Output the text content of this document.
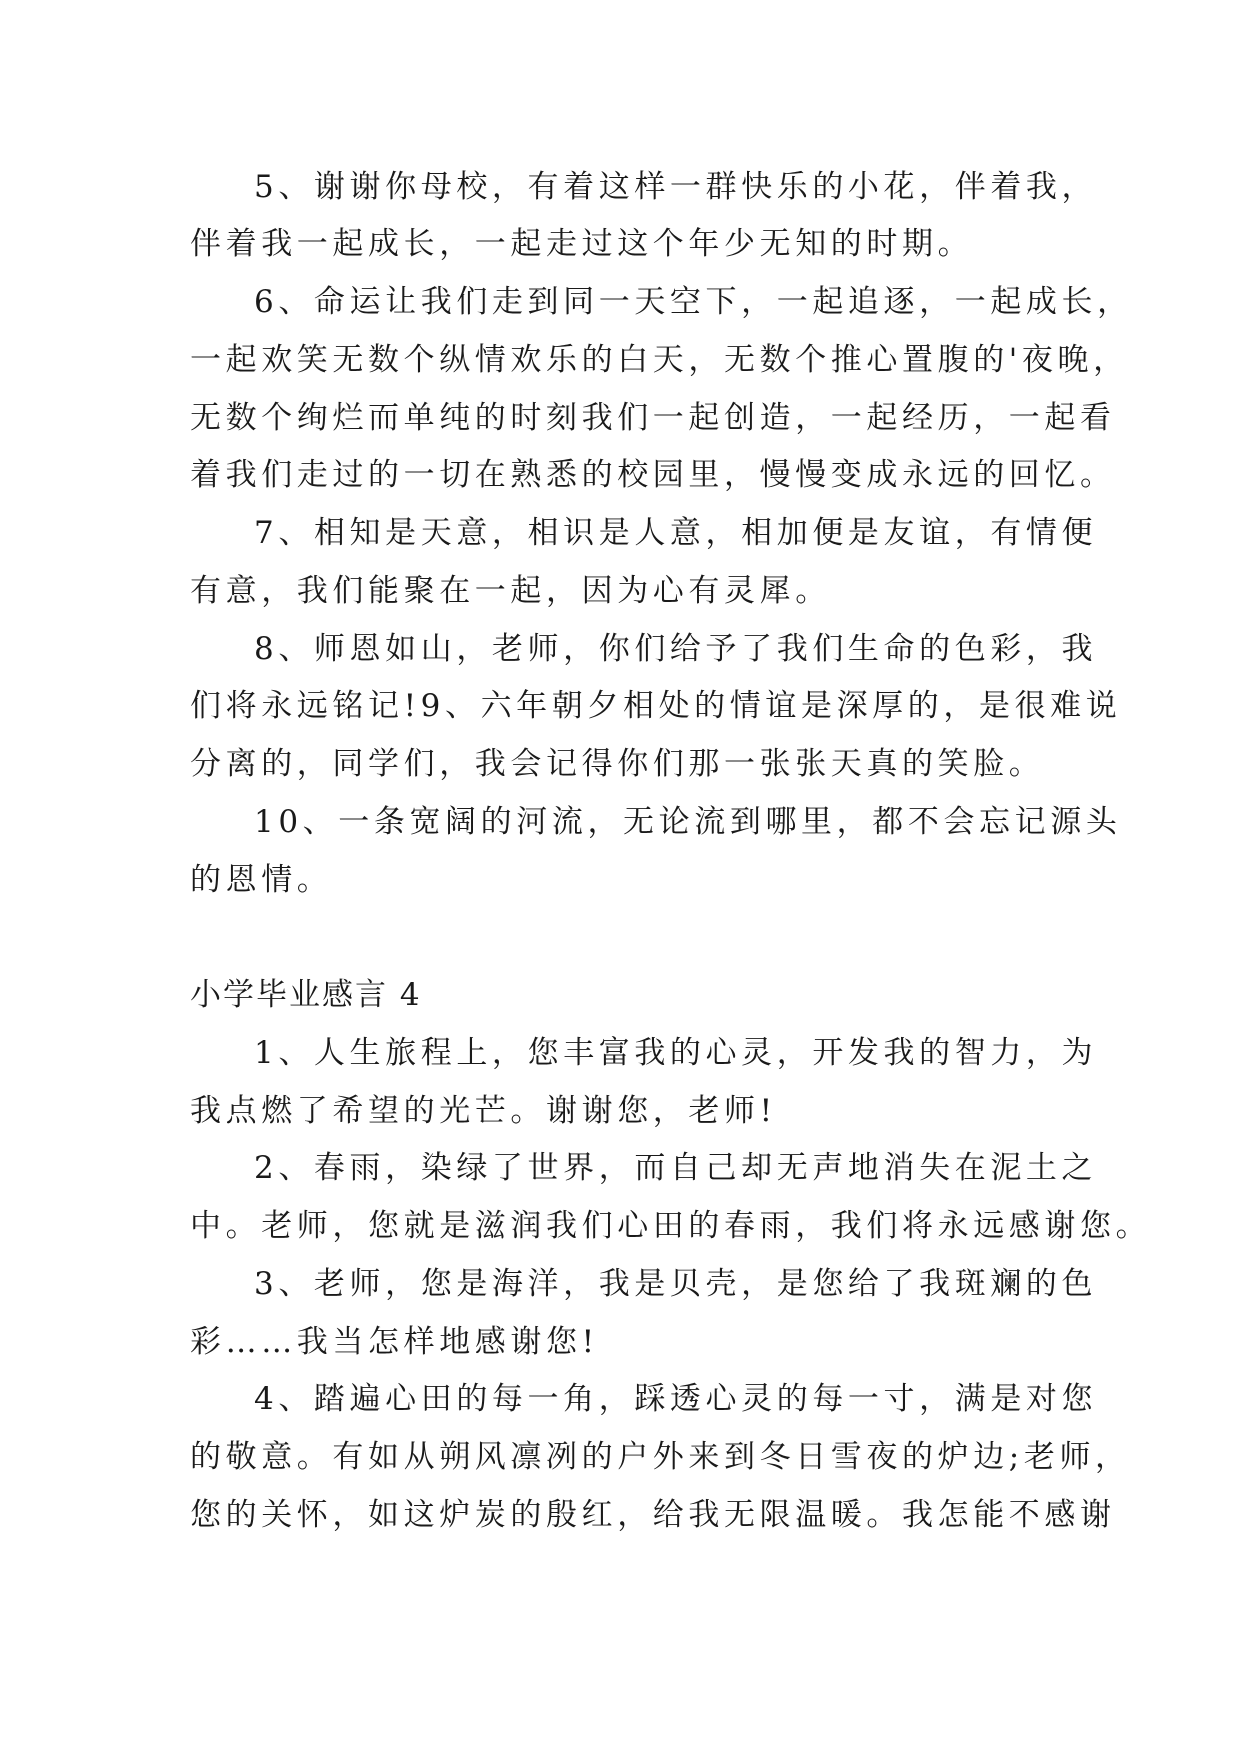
5、谢谢你母校，有着这样一群快乐的小花，伴着我，
伴着我一起成长，一起走过这个年少无知的时期。
6、命运让我们走到同一天空下，一起追逐，一起成长，
一起欢笑无数个纵情欢乐的白天，无数个推心置腹的'夜晚，
无数个绚烂而单纯的时刻我们一起创造，一起经历，一起看
着我们走过的一切在熟悉的校园里，慢慢变成永远的回忆。
7、相知是天意，相识是人意，相加便是友谊，有情便
有意，我们能聚在一起，因为心有灵犀。
8、师恩如山，老师，你们给予了我们生命的色彩，我
们将永远铭记!9、六年朝夕相处的情谊是深厚的，是很难说
分离的，同学们，我会记得你们那一张张天真的笑脸。
10、一条宽阔的河流，无论流到哪里，都不会忘记源头
的恩情。
小学毕业感言 4
1、人生旅程上，您丰富我的心灵，开发我的智力，为
我点燃了希望的光芒。谢谢您，老师!
2、春雨，染绿了世界，而自己却无声地消失在泥土之
中。老师，您就是滋润我们心田的春雨，我们将永远感谢您。
3、老师，您是海洋，我是贝壳，是您给了我斑斓的色
彩……我当怎样地感谢您!
4、踏遍心田的每一角，踩透心灵的每一寸，满是对您
的敬意。有如从朔风凛冽的户外来到冬日雪夜的炉边;老师，
您的关怀，如这炉炭的殷红，给我无限温暖。我怎能不感谢
